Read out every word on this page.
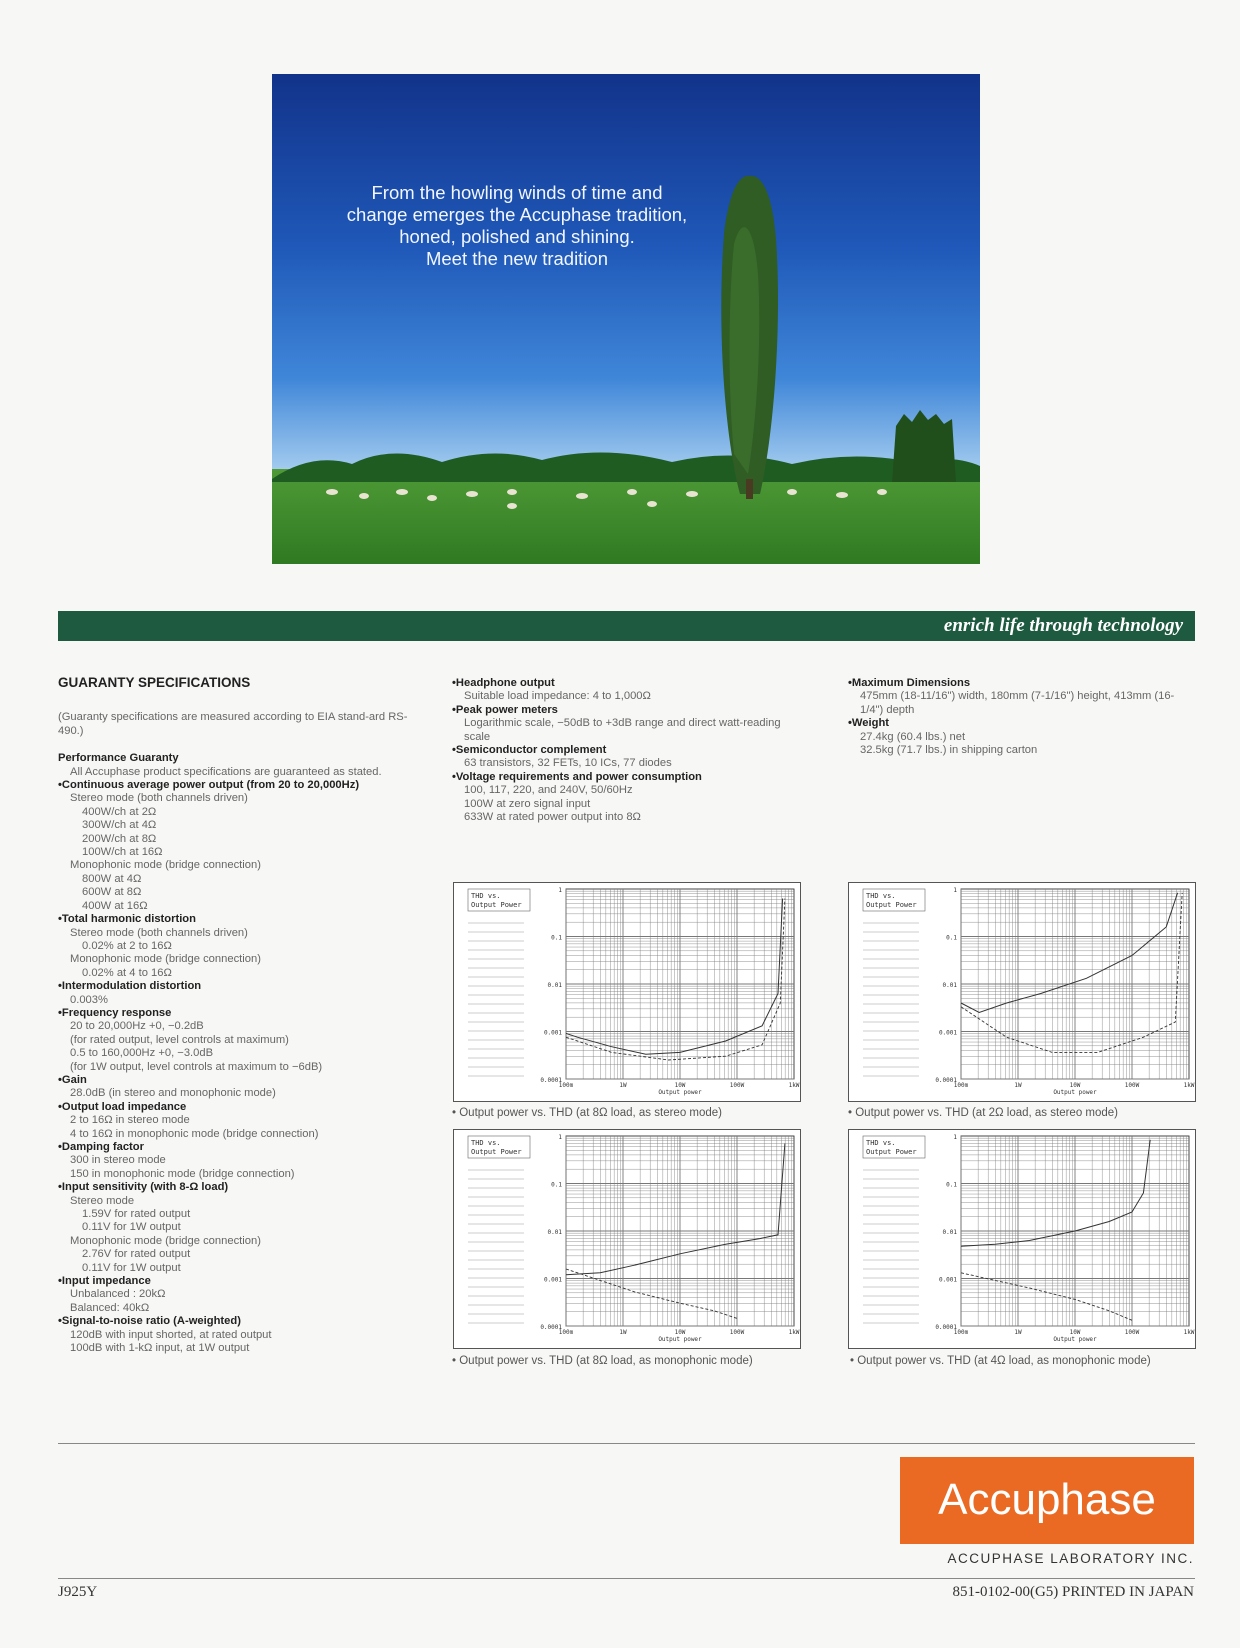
From the howling winds of time and
change emerges the Accuphase tradition,
honed, polished and shining.
Meet the new tradition
enrich life through technology
GUARANTY SPECIFICATIONS
(Guaranty specifications are measured according to EIA stand-ard RS-490.)
Performance Guaranty
All Accuphase product specifications are guaranteed as stated.
• Continuous average power output (from 20 to 20,000Hz)
Stereo mode (both channels driven)
400W/ch at 2Ω
300W/ch at 4Ω
200W/ch at 8Ω
100W/ch at 16Ω
Monophonic mode (bridge connection)
800W at 4Ω
600W at 8Ω
400W at 16Ω
• Total harmonic distortion
Stereo mode (both channels driven)
0.02% at 2 to 16Ω
Monophonic mode (bridge connection)
0.02% at 4 to 16Ω
• Intermodulation distortion
0.003%
• Frequency response
20 to 20,000Hz +0, −0.2dB
(for rated output, level controls at maximum)
0.5 to 160,000Hz +0, −3.0dB
(for 1W output, level controls at maximum to −6dB)
• Gain
28.0dB (in stereo and monophonic mode)
• Output load impedance
2 to 16Ω in stereo mode
4 to 16Ω in monophonic mode (bridge connection)
• Damping factor
300 in stereo mode
150 in monophonic mode (bridge connection)
• Input sensitivity (with 8-Ω load)
Stereo mode
1.59V for rated output
0.11V for 1W output
Monophonic mode (bridge connection)
2.76V for rated output
0.11V for 1W output
• Input impedance
Unbalanced : 20kΩ
Balanced: 40kΩ
• Signal-to-noise ratio (A-weighted)
120dB with input shorted, at rated output
100dB with 1-kΩ input, at 1W output
• Headphone output
Suitable load impedance: 4 to 1,000Ω
• Peak power meters
Logarithmic scale, −50dB to +3dB range and direct watt-reading scale
• Semiconductor complement
63 transistors, 32 FETs, 10 ICs, 77 diodes
• Voltage requirements and power consumption
100, 117, 220, and 240V, 50/60Hz
100W at zero signal input
633W at rated power output into 8Ω
• Maximum Dimensions
475mm (18-11/16") width, 180mm (7-1/16") height, 413mm (16-1/4") depth
• Weight
27.4kg (60.4 lbs.) net
32.5kg (71.7 lbs.) in shipping carton
THD vs.
Output Power
1
0.1
0.01
0.001
0.0001
100m	1W	10W	100W	1kW
Output power
THD vs.
Output Power
1
0.1
0.01
0.001
0.0001
100m	1W	10W	100W	1kW
Output power
THD vs.
Output Power
1
0.1
0.01
0.001
0.0001
100m	1W	10W	100W	1kW
Output power
THD vs.
Output Power
1
0.1
0.01
0.001
0.0001
100m	1W	10W	100W	1kW
Output power
• Output power vs. THD (at 8Ω load, as stereo mode)	• Output power vs. THD (at 2Ω load, as stereo mode)
• Output power vs. THD (at 8Ω load, as monophonic mode)	• Output power vs. THD (at 4Ω load, as monophonic mode)
Accuphase
ACCUPHASE LABORATORY INC.
J925Y	851-0102-00(G5) PRINTED IN JAPAN
